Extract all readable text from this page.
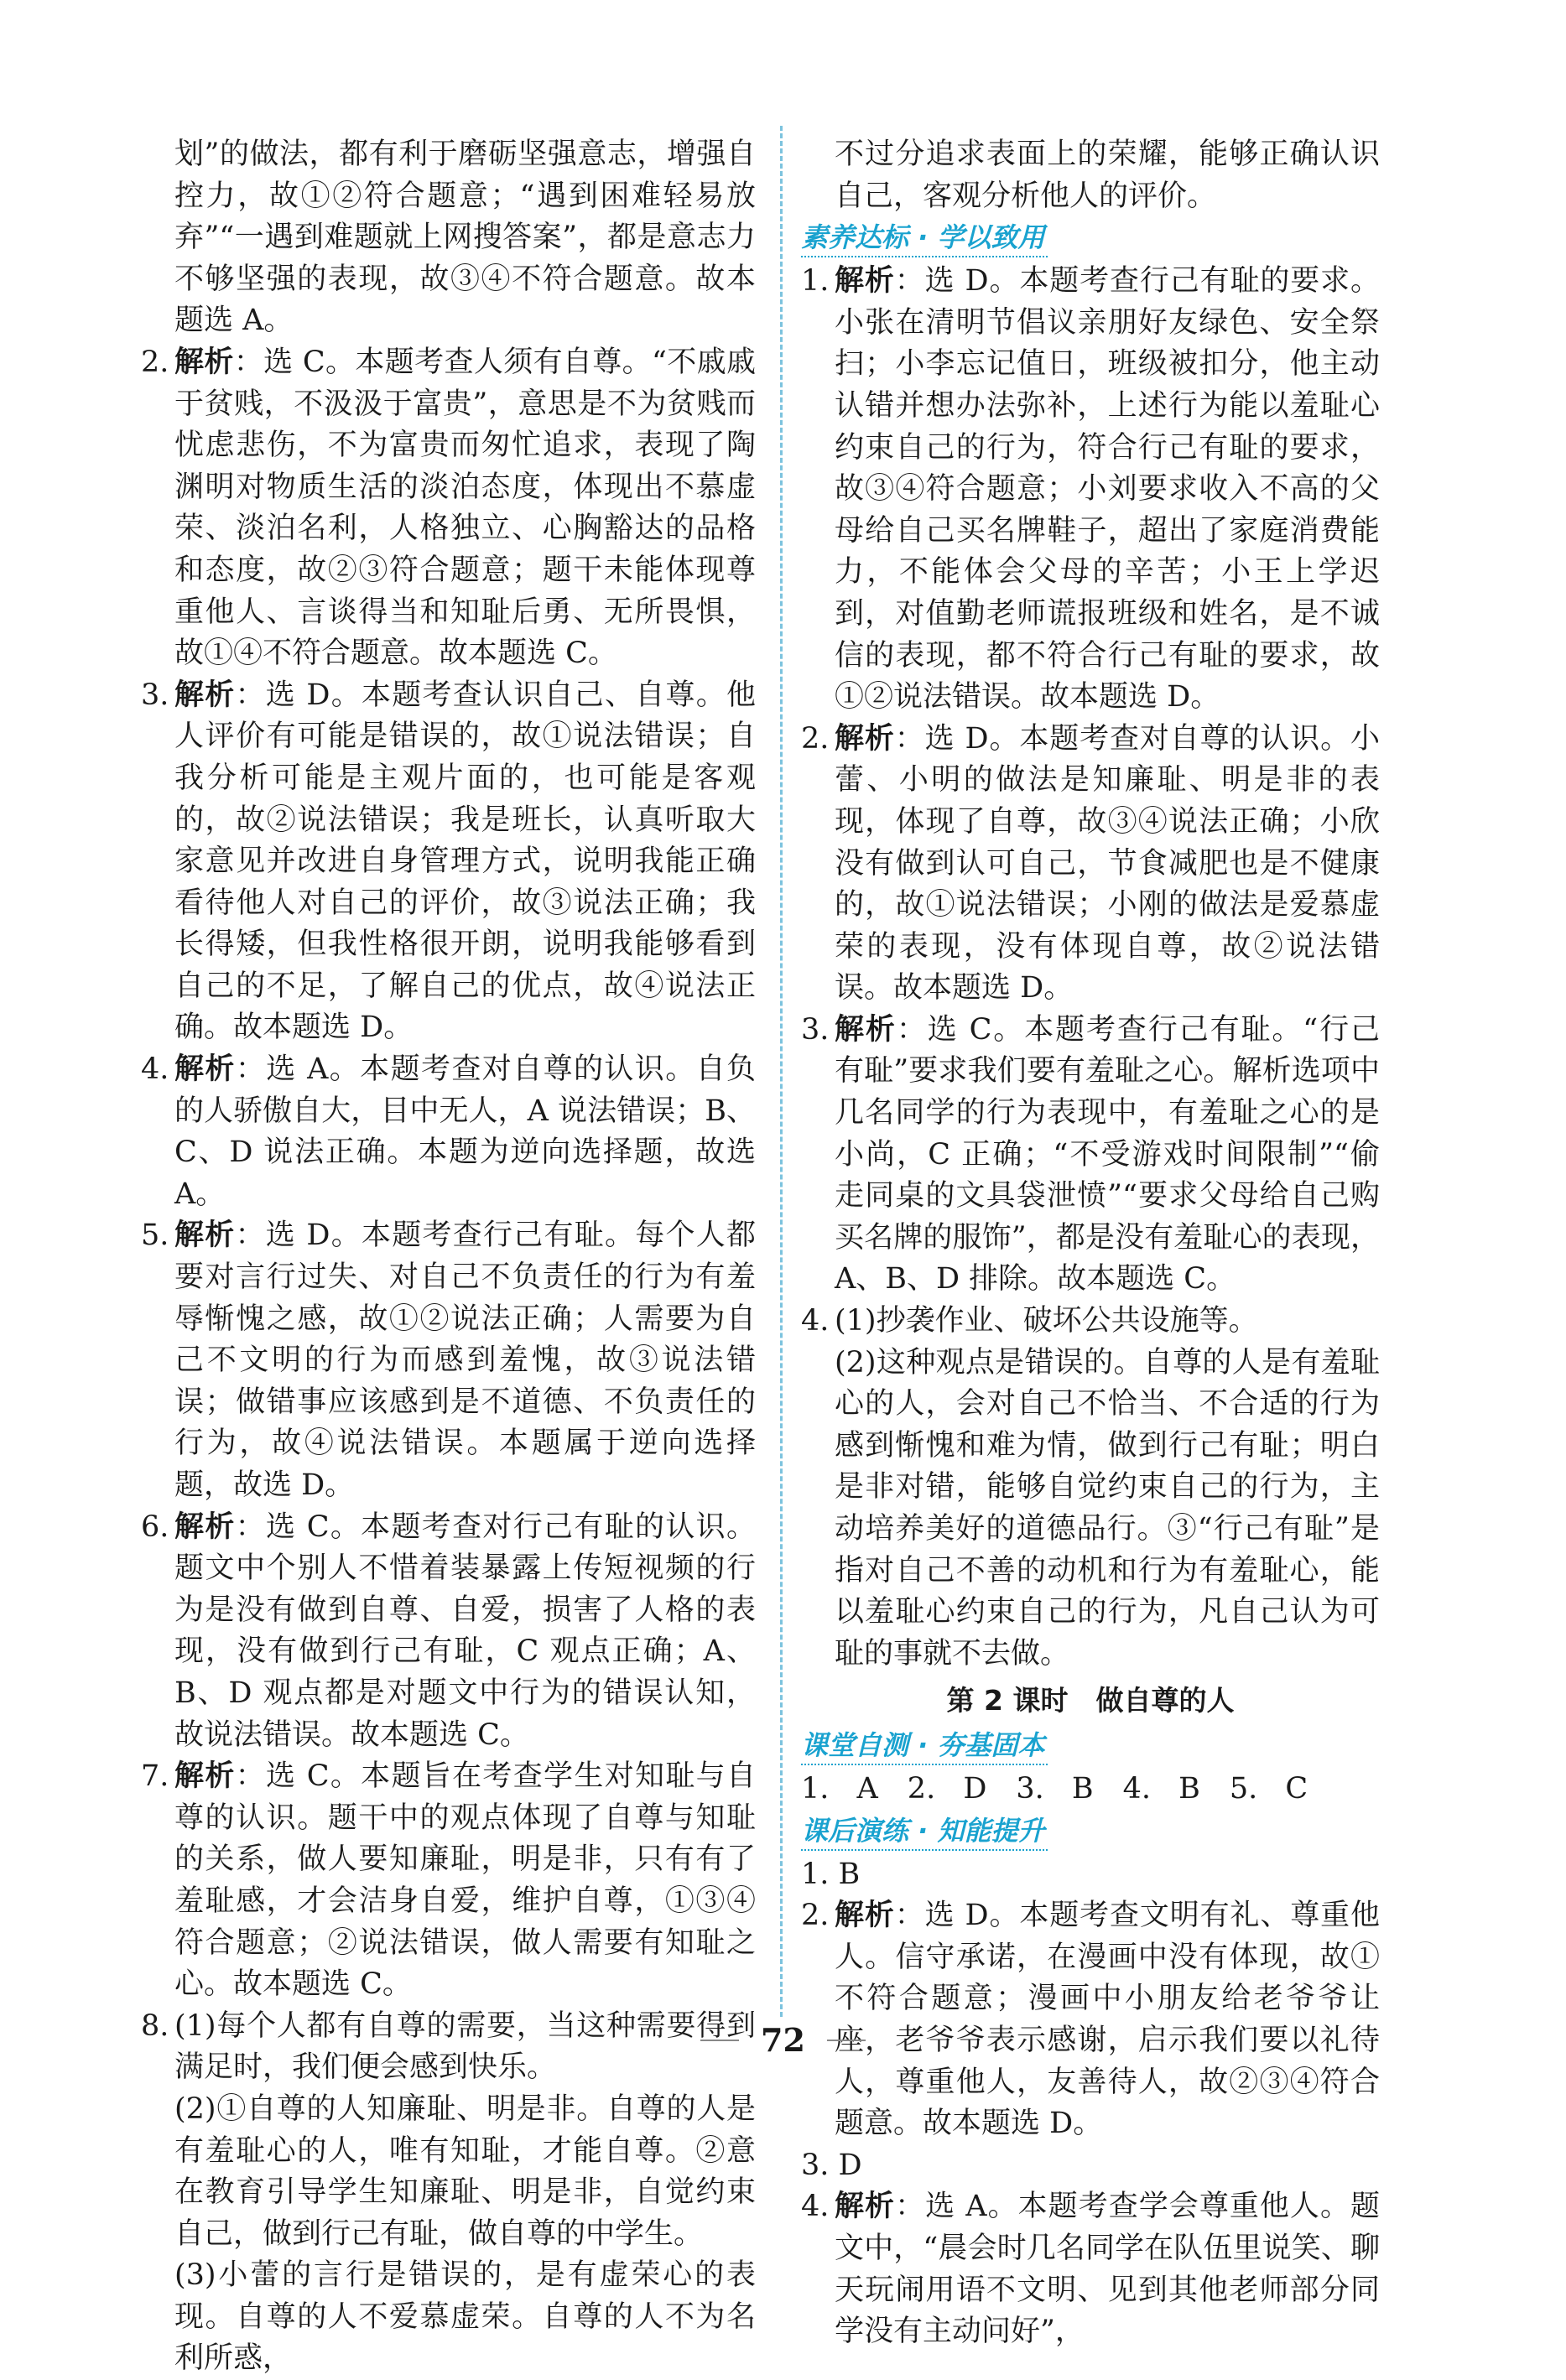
划”的做法，都有利于磨砺坚强意志，增强自控力，故①②符合题意；“遇到困难轻易放弃”“一遇到难题就上网搜答案”，都是意志力不够坚强的表现，故③④不符合题意。故本题选 A。
2. 解析：选 C。本题考查人须有自尊。“不戚戚于贫贱，不汲汲于富贵”，意思是不为贫贱而忧虑悲伤，不为富贵而匆忙追求，表现了陶渊明对物质生活的淡泊态度，体现出不慕虚荣、淡泊名利，人格独立、心胸豁达的品格和态度，故②③符合题意；题干未能体现尊重他人、言谈得当和知耻后勇、无所畏惧，故①④不符合题意。故本题选 C。
3. 解析：选 D。本题考查认识自己、自尊。他人评价有可能是错误的，故①说法错误；自我分析可能是主观片面的，也可能是客观的，故②说法错误；我是班长，认真听取大家意见并改进自身管理方式，说明我能正确看待他人对自己的评价，故③说法正确；我长得矮，但我性格很开朗，说明我能够看到自己的不足，了解自己的优点，故④说法正确。故本题选 D。
4. 解析：选 A。本题考查对自尊的认识。自负的人骄傲自大，目中无人，A 说法错误；B、C、D 说法正确。本题为逆向选择题，故选 A。
5. 解析：选 D。本题考查行己有耻。每个人都要对言行过失、对自己不负责任的行为有羞辱惭愧之感，故①②说法正确；人需要为自己不文明的行为而感到羞愧，故③说法错误；做错事应该感到是不道德、不负责任的行为，故④说法错误。本题属于逆向选择题，故选 D。
6. 解析：选 C。本题考查对行己有耻的认识。题文中个别人不惜着装暴露上传短视频的行为是没有做到自尊、自爱，损害了人格的表现，没有做到行己有耻，C 观点正确；A、B、D 观点都是对题文中行为的错误认知，故说法错误。故本题选 C。
7. 解析：选 C。本题旨在考查学生对知耻与自尊的认识。题干中的观点体现了自尊与知耻的关系，做人要知廉耻，明是非，只有有了羞耻感，才会洁身自爱，维护自尊，①③④符合题意；②说法错误，做人需要有知耻之心。故本题选 C。
8. (1)每个人都有自尊的需要，当这种需要得到满足时，我们便会感到快乐。
(2)①自尊的人知廉耻、明是非。自尊的人是有羞耻心的人，唯有知耻，才能自尊。②意在教育引导学生知廉耻、明是非，自觉约束自己，做到行己有耻，做自尊的中学生。
(3)小蕾的言行是错误的，是有虚荣心的表现。自尊的人不爱慕虚荣。自尊的人不为名利所惑，
不过分追求表面上的荣耀，能够正确认识自己，客观分析他人的评价。
素养达标 · 学以致用
1. 解析：选 D。本题考查行己有耻的要求。小张在清明节倡议亲朋好友绿色、安全祭扫；小李忘记值日，班级被扣分，他主动认错并想办法弥补，上述行为能以羞耻心约束自己的行为，符合行己有耻的要求，故③④符合题意；小刘要求收入不高的父母给自己买名牌鞋子，超出了家庭消费能力，不能体会父母的辛苦；小王上学迟到，对值勤老师谎报班级和姓名，是不诚信的表现，都不符合行己有耻的要求，故①②说法错误。故本题选 D。
2. 解析：选 D。本题考查对自尊的认识。小蕾、小明的做法是知廉耻、明是非的表现，体现了自尊，故③④说法正确；小欣没有做到认可自己，节食减肥也是不健康的，故①说法错误；小刚的做法是爱慕虚荣的表现，没有体现自尊，故②说法错误。故本题选 D。
3. 解析：选 C。本题考查行己有耻。“行己有耻”要求我们要有羞耻之心。解析选项中几名同学的行为表现中，有羞耻之心的是小尚，C 正确；“不受游戏时间限制”“偷走同桌的文具袋泄愤”“要求父母给自己购买名牌的服饰”，都是没有羞耻心的表现，A、B、D 排除。故本题选 C。
4. (1)抄袭作业、破坏公共设施等。
(2)这种观点是错误的。自尊的人是有羞耻心的人，会对自己不恰当、不合适的行为感到惭愧和难为情，做到行己有耻；明白是非对错，能够自觉约束自己的行为，主动培养美好的道德品行。③“行己有耻”是指对自己不善的动机和行为有羞耻心，能以羞耻心约束自己的行为，凡自己认为可耻的事就不去做。
第 2 课时　做自尊的人
课堂自测 · 夯基固本
1. A　2. D　3. B　4. B　5. C
课后演练 · 知能提升
1. B
2. 解析：选 D。本题考查文明有礼、尊重他人。信守承诺，在漫画中没有体现，故①不符合题意；漫画中小朋友给老爷爷让座，老爷爷表示感谢，启示我们要以礼待人，尊重他人，友善待人，故②③④符合题意。故本题选 D。
3. D
4. 解析：选 A。本题考查学会尊重他人。题文中，“晨会时几名同学在队伍里说笑、聊天玩闹用语不文明、见到其他老师部分同学没有主动问好”，
72
